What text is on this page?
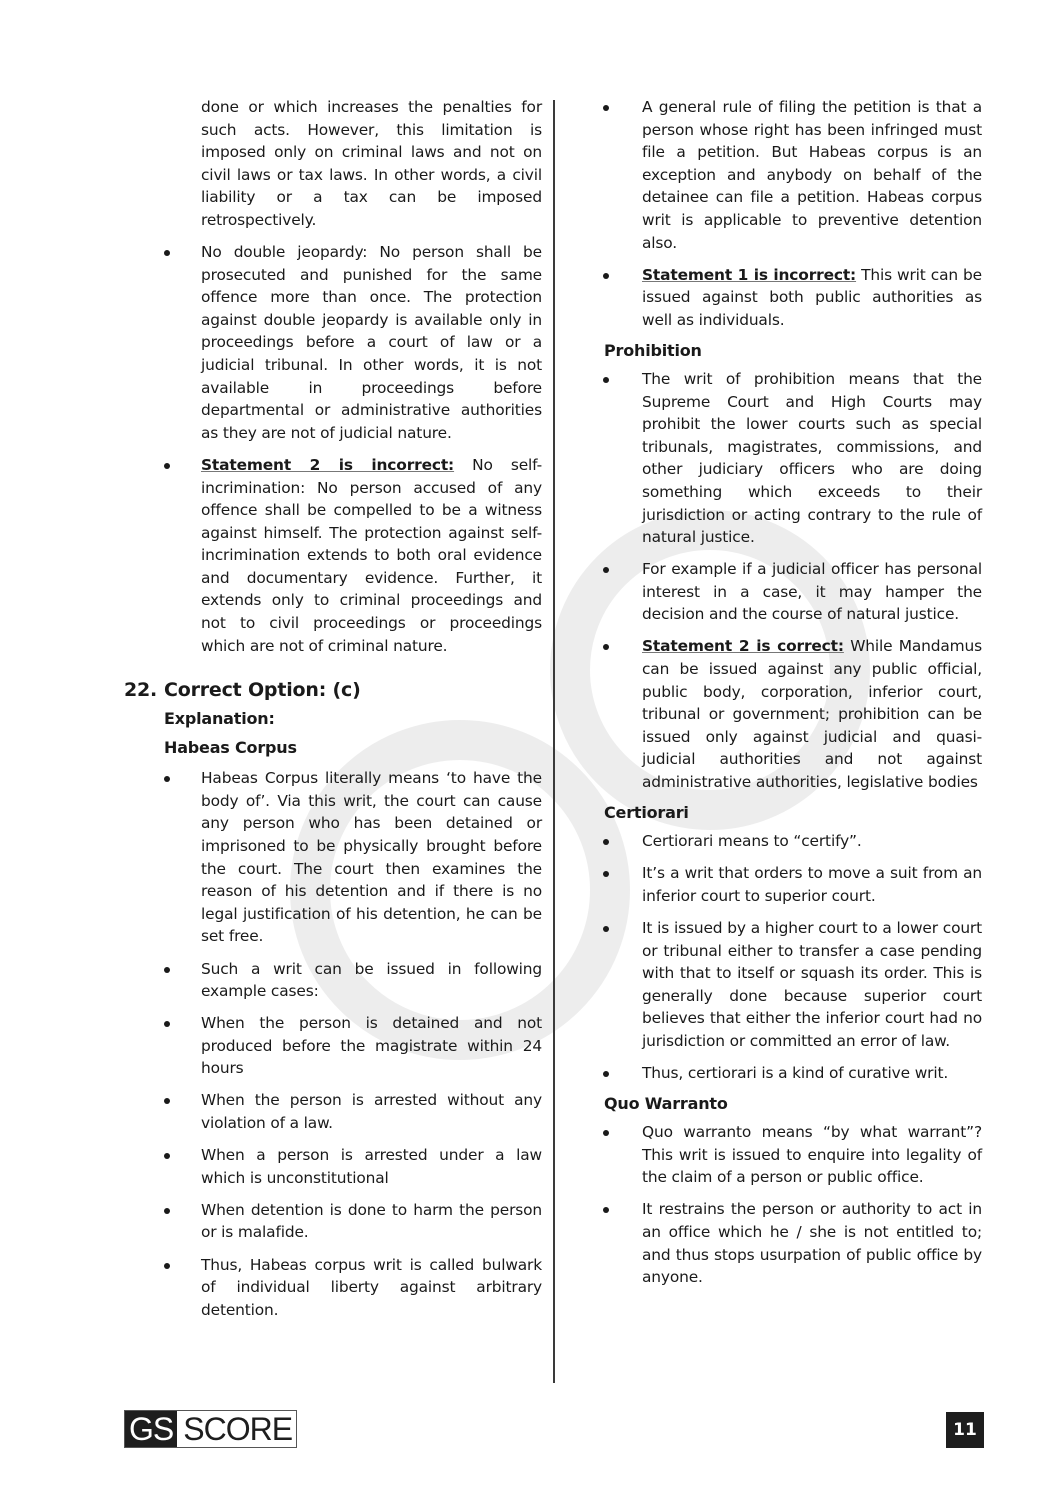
done or which increases the penalties for such acts. However, this limitation is imposed only on criminal laws and not on civil laws or tax laws. In other words, a civil liability or a tax can be imposed retrospectively.
No double jeopardy: No person shall be prosecuted and punished for the same offence more than once. The protection against double jeopardy is available only in proceedings before a court of law or a judicial tribunal. In other words, it is not available in proceedings before departmental or administrative authorities as they are not of judicial nature.
Statement 2 is incorrect: No self-incrimination: No person accused of any offence shall be compelled to be a witness against himself. The protection against self-incrimination extends to both oral evidence and documentary evidence. Further, it extends only to criminal proceedings and not to civil proceedings or proceedings which are not of criminal nature.
22. Correct Option: (c)
Explanation:
Habeas Corpus
Habeas Corpus literally means ‘to have the body of’. Via this writ, the court can cause any person who has been detained or imprisoned to be physically brought before the court. The court then examines the reason of his detention and if there is no legal justification of his detention, he can be set free.
Such a writ can be issued in following example cases:
When the person is detained and not produced before the magistrate within 24 hours
When the person is arrested without any violation of a law.
When a person is arrested under a law which is unconstitutional
When detention is done to harm the person or is malafide.
Thus, Habeas corpus writ is called bulwark of individual liberty against arbitrary detention.
A general rule of filing the petition is that a person whose right has been infringed must file a petition. But Habeas corpus is an exception and anybody on behalf of the detainee can file a petition. Habeas corpus writ is applicable to preventive detention also.
Statement 1 is incorrect: This writ can be issued against both public authorities as well as individuals.
Prohibition
The writ of prohibition means that the Supreme Court and High Courts may prohibit the lower courts such as special tribunals, magistrates, commissions, and other judiciary officers who are doing something which exceeds to their jurisdiction or acting contrary to the rule of natural justice.
For example if a judicial officer has personal interest in a case, it may hamper the decision and the course of natural justice.
Statement 2 is correct: While Mandamus can be issued against any public official, public body, corporation, inferior court, tribunal or government; prohibition can be issued only against judicial and quasi-judicial authorities and not against administrative authorities, legislative bodies
Certiorari
Certiorari means to “certify”.
It’s a writ that orders to move a suit from an inferior court to superior court.
It is issued by a higher court to a lower court or tribunal either to transfer a case pending with that to itself or squash its order. This is generally done because superior court believes that either the inferior court had no jurisdiction or committed an error of law.
Thus, certiorari is a kind of curative writ.
Quo Warranto
Quo warranto means “by what warrant”? This writ is issued to enquire into legality of the claim of a person or public office.
It restrains the person or authority to act in an office which he / she is not entitled to; and thus stops usurpation of public office by anyone.
GS SCORE	11
